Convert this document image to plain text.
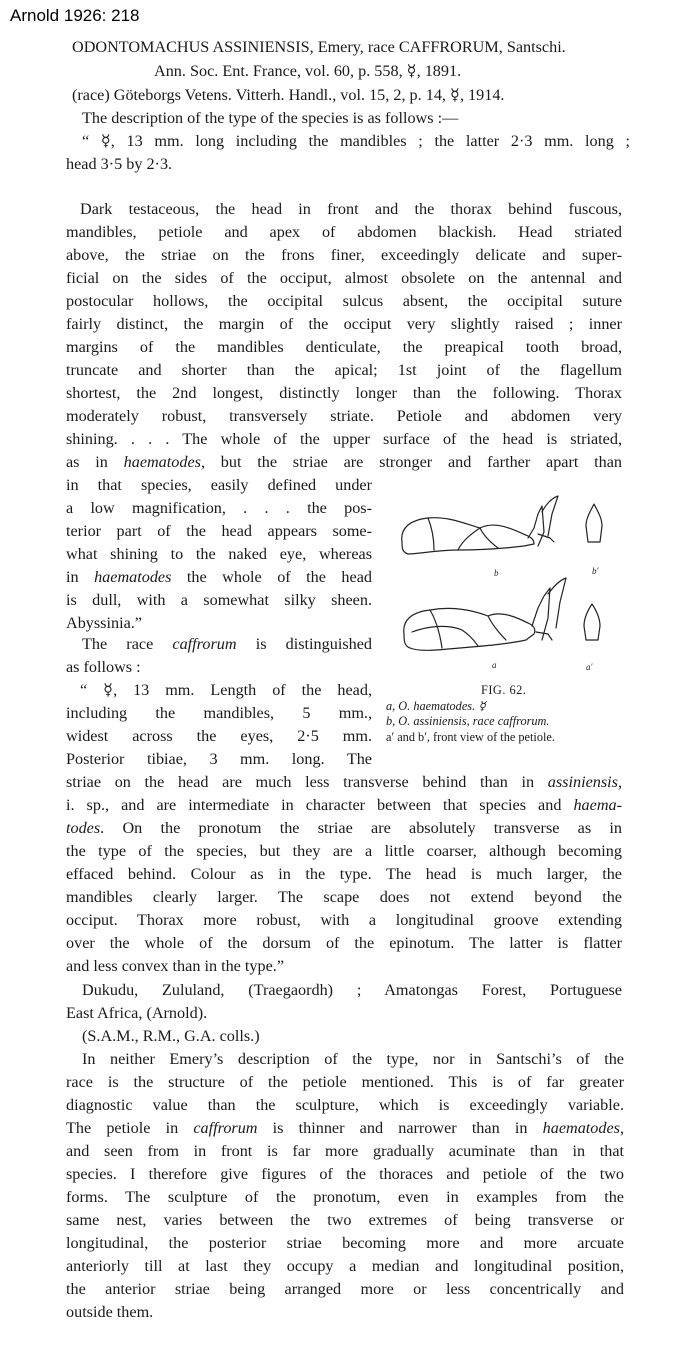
Arnold 1926: 218
ODONTOMACHUS ASSINIENSIS, Emery, race CAFFRORUM, Santschi.
Ann. Soc. Ent. France, vol. 60, p. 558, ☿, 1891.
(race) Göteborgs Vetens. Vitterh. Handl., vol. 15, 2, p. 14, ☿, 1914.
The description of the type of the species is as follows :—
“ ☿, 13 mm. long including the mandibles ; the latter 2·3 mm. long ;
head 3·5 by 2·3.
Dark testaceous, the head in front and the thorax behind fuscous,
mandibles, petiole and apex of abdomen blackish. Head striated
above, the striae on the frons finer, exceedingly delicate and super-
ficial on the sides of the occiput, almost obsolete on the antennal and
postocular hollows, the occipital sulcus absent, the occipital suture
fairly distinct, the margin of the occiput very slightly raised ; inner
margins of the mandibles denticulate, the preapical tooth broad,
truncate and shorter than the apical; 1st joint of the flagellum
shortest, the 2nd longest, distinctly longer than the following. Thorax
moderately robust, transversely striate. Petiole and abdomen very
shining. . . . The whole of the upper surface of the head is striated,
as in haematodes, but the striae are stronger and farther apart than
in that species, easily defined under
a low magnification, . . . the pos-
terior part of the head appears some-
what shining to the naked eye, whereas
in haematodes the whole of the head
is dull, with a somewhat silky sheen.
Abyssinia.”
The race caffrorum is distinguished
as follows :
“ ☿, 13 mm. Length of the head,
including the mandibles, 5 mm.,
widest across the eyes, 2·5 mm.
Posterior tibiae, 3 mm. long. The
striae on the head are much less transverse behind than in assiniensis,
i. sp., and are intermediate in character between that species and haema-
todes. On the pronotum the striae are absolutely transverse as in
the type of the species, but they are a little coarser, although becoming
effaced behind. Colour as in the type. The head is much larger, the
mandibles clearly larger. The scape does not extend beyond the
occiput. Thorax more robust, with a longitudinal groove extending
over the whole of the dorsum of the epinotum. The latter is flatter
and less convex than in the type.”
Dukudu, Zululand, (Traegaordh) ; Amatongas Forest, Portuguese
East Africa, (Arnold).
(S.A.M., R.M., G.A. colls.)
In neither Emery’s description of the type, nor in Santschi’s of the
race is the structure of the petiole mentioned. This is of far greater
diagnostic value than the sculpture, which is exceedingly variable.
The petiole in caffrorum is thinner and narrower than in haematodes,
and seen from in front is far more gradually acuminate than in that
species. I therefore give figures of the thoraces and petiole of the two
forms. The sculpture of the pronotum, even in examples from the
same nest, varies between the two extremes of being transverse or
longitudinal, the posterior striae becoming more and more arcuate
anteriorly till at last they occupy a median and longitudinal position,
the anterior striae being arranged more or less concentrically and
outside them.
b	b′
a	a′
FIG. 62.
a, O. haematodes. ☿
b, O. assiniensis, race caffrorum.
a′ and b′, front view of the petiole.
